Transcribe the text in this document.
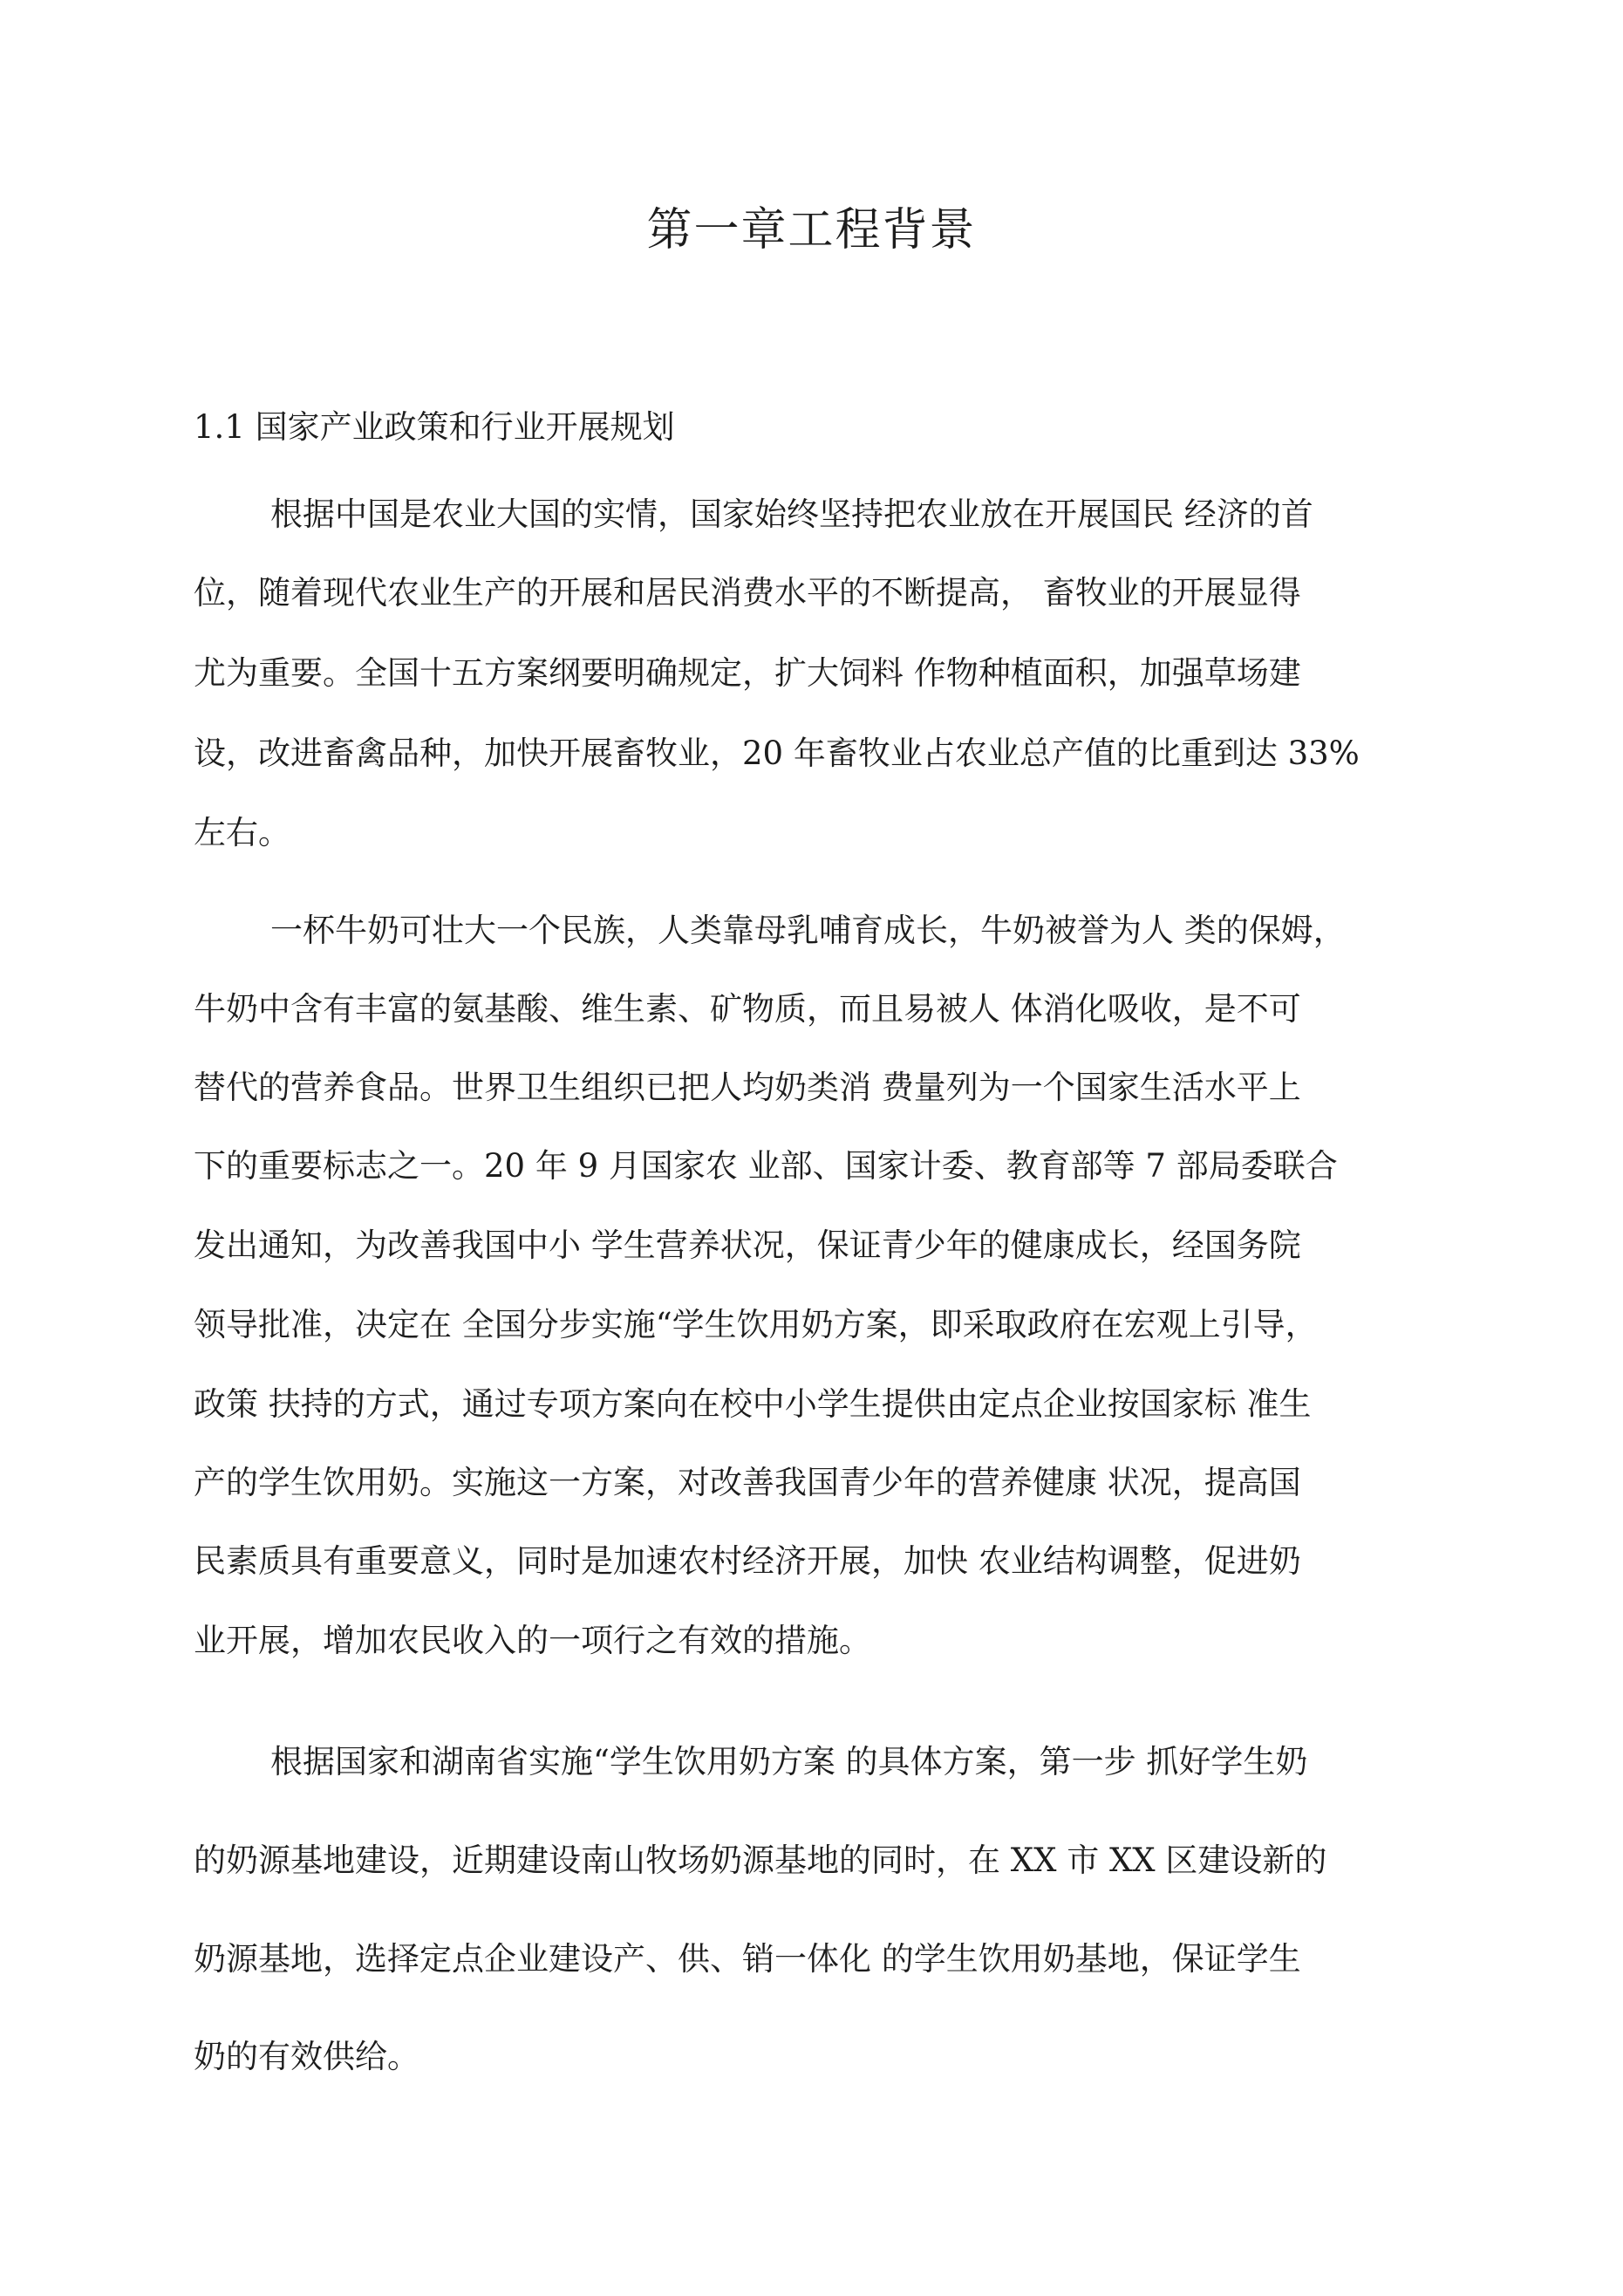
第一章工程背景
1.1 国家产业政策和行业开展规划

根据中国是农业大国的实情，国家始终坚持把农业放在开展国民 经济的首

位，随着现代农业生产的开展和居民消费水平的不断提高， 畜牧业的开展显得

尤为重要。全国十五方案纲要明确规定，扩大饲料 作物种植面积，加强草场建

设，改进畜禽品种，加快开展畜牧业，20 年畜牧业占农业总产值的比重到达 33%

左右。

一杯牛奶可壮大一个民族，人类靠母乳哺育成长，牛奶被誉为人 类的保姆，

牛奶中含有丰富的氨基酸、维生素、矿物质，而且易被人 体消化吸收，是不可

替代的营养食品。世界卫生组织已把人均奶类消 费量列为一个国家生活水平上

下的重要标志之一。20 年 9 月国家农 业部、国家计委、教育部等 7 部局委联合

发出通知，为改善我国中小 学生营养状况，保证青少年的健康成长，经国务院

领导批准，决定在 全国分步实施“学生饮用奶方案，即采取政府在宏观上引导，

政策 扶持的方式，通过专项方案向在校中小学生提供由定点企业按国家标 准生

产的学生饮用奶。实施这一方案，对改善我国青少年的营养健康 状况，提高国

民素质具有重要意义，同时是加速农村经济开展，加快 农业结构调整，促进奶

业开展，增加农民收入的一项行之有效的措施。

根据国家和湖南省实施“学生饮用奶方案 的具体方案，第一步 抓好学生奶

的奶源基地建设，近期建设南山牧场奶源基地的同时，在 XX 市 XX 区建设新的

奶源基地，选择定点企业建设产、供、销一体化 的学生饮用奶基地，保证学生

奶的有效供给。
